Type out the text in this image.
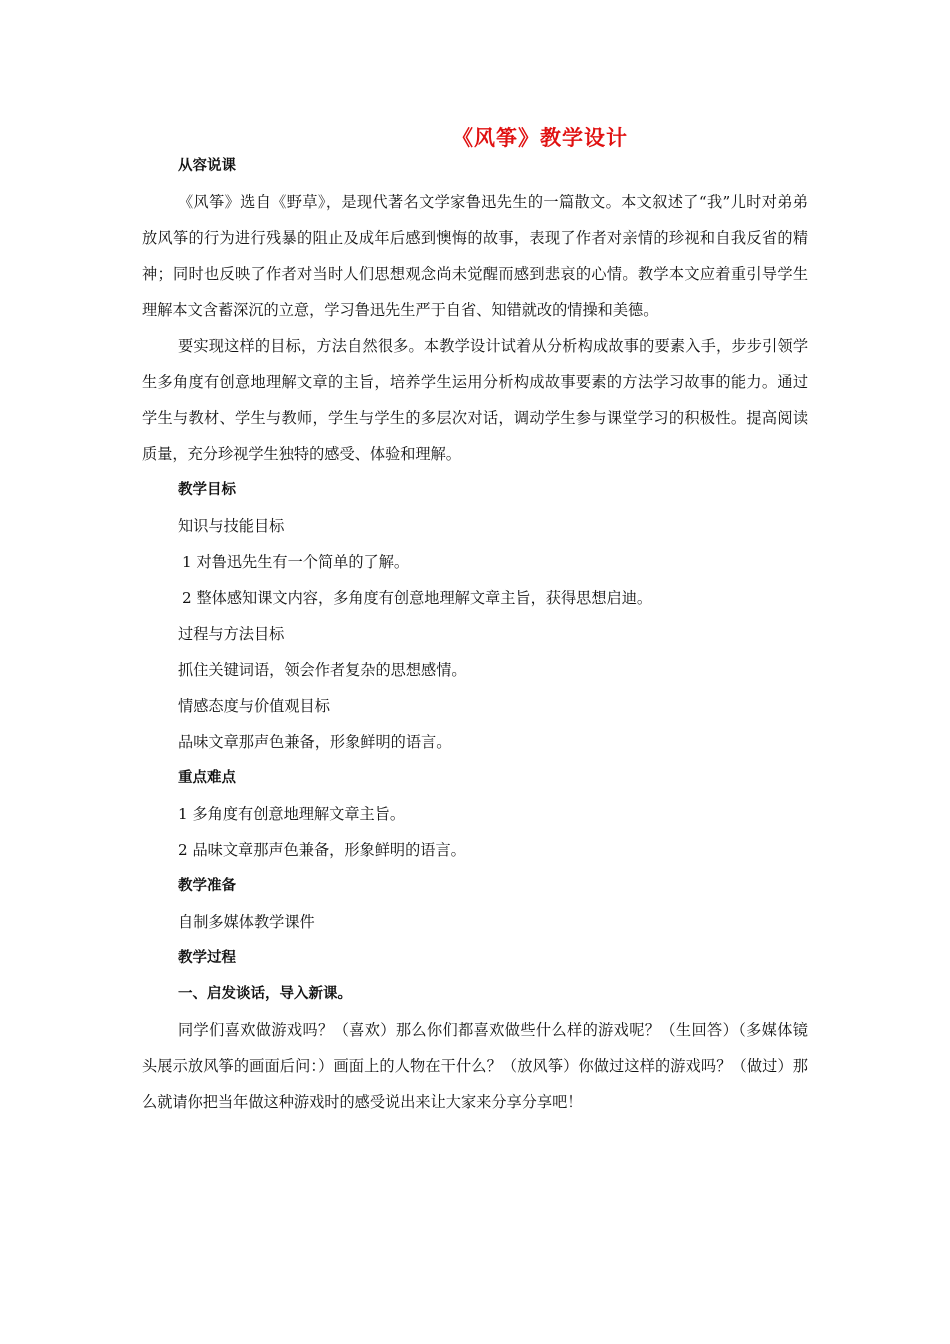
《风筝》教学设计
从容说课

《风筝》选自《野草》，是现代著名文学家鲁迅先生的一篇散文。本文叙述了“我”儿时对弟弟放风筝的行为进行残暴的阻止及成年后感到懊悔的故事，表现了作者对亲情的珍视和自我反省的精神；同时也反映了作者对当时人们思想观念尚未觉醒而感到悲哀的心情。教学本文应着重引导学生理解本文含蓄深沉的立意，学习鲁迅先生严于自省、知错就改的情操和美德。

要实现这样的目标，方法自然很多。本教学设计试着从分析构成故事的要素入手，步步引领学生多角度有创意地理解文章的主旨，培养学生运用分析构成故事要素的方法学习故事的能力。通过学生与教材、学生与教师，学生与学生的多层次对话，调动学生参与课堂学习的积极性。提高阅读质量，充分珍视学生独特的感受、体验和理解。

教学目标

知识与技能目标

1 对鲁迅先生有一个简单的了解。

2 整体感知课文内容，多角度有创意地理解文章主旨，获得思想启迪。

过程与方法目标

抓住关键词语，领会作者复杂的思想感情。

情感态度与价值观目标

品味文章那声色兼备，形象鲜明的语言。

重点难点

1 多角度有创意地理解文章主旨。

2 品味文章那声色兼备，形象鲜明的语言。

教学准备

自制多媒体教学课件

教学过程
一、启发谈话，导入新课。

同学们喜欢做游戏吗？（喜欢）那么你们都喜欢做些什么样的游戏呢？（生回答）（多媒体镜头展示放风筝的画面后问：）画面上的人物在干什么？（放风筝）你做过这样的游戏吗？（做过）那么就请你把当年做这种游戏时的感受说出来让大家来分享分享吧！
